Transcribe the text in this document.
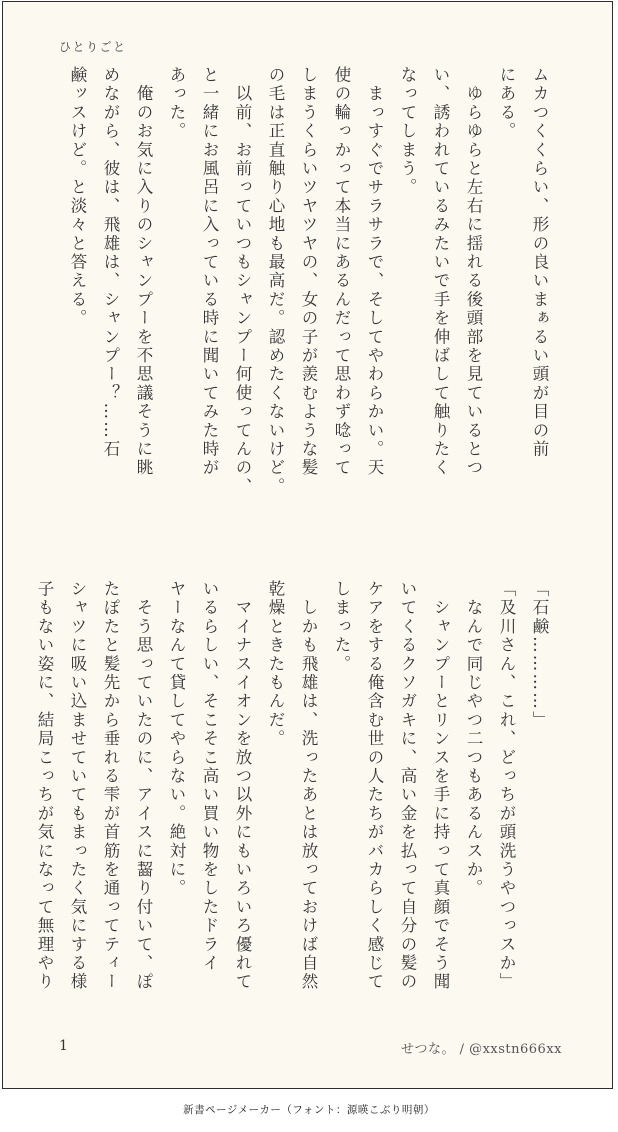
ひとりごと
ムカつくくらい、形の良いまぁるい頭が目の前
にある。
　ゆらゆらと左右に揺れる後頭部を見ているとつ
い、誘われているみたいで手を伸ばして触りたく
なってしまう。
　まっすぐでサラサラで、そしてやわらかい。天
使の輪っかって本当にあるんだって思わず唸って
しまうくらいツヤツヤの、女の子が羨むような髪
の毛は正直触り心地も最高だ。認めたくないけど。
　以前、お前っていつもシャンプー何使ってんの、
と一緒にお風呂に入っている時に聞いてみた時が
あった。
　俺のお気に入りのシャンプーを不思議そうに眺
めながら、彼は、飛雄は、シャンプー？……石
鹸ッスけど。と淡々と答える。
「石鹸…………」
「及川さん、これ、どっちが頭洗うやつっスか」
　なんで同じやつ二つもあるんスか。
　シャンプーとリンスを手に持って真顔でそう聞
いてくるクソガキに、高い金を払って自分の髪の
ケアをする俺含む世の人たちがバカらしく感じて
しまった。
　しかも飛雄は、洗ったあとは放っておけば自然
乾燥ときたもんだ。
　マイナスイオンを放つ以外にもいろいろ優れて
いるらしい、そこそこ高い買い物をしたドライ
ヤーなんて貸してやらない。絶対に。
　そう思っていたのに、アイスに齧り付いて、ぽ
たぽたと髪先から垂れる雫が首筋を通ってティー
シャツに吸い込ませていてもまったく気にする様
子もない姿に、結局こっちが気になって無理やり
1	せつな。 / @xxstn666xx
新書ページメーカー（フォント：源暎こぶり明朝）
